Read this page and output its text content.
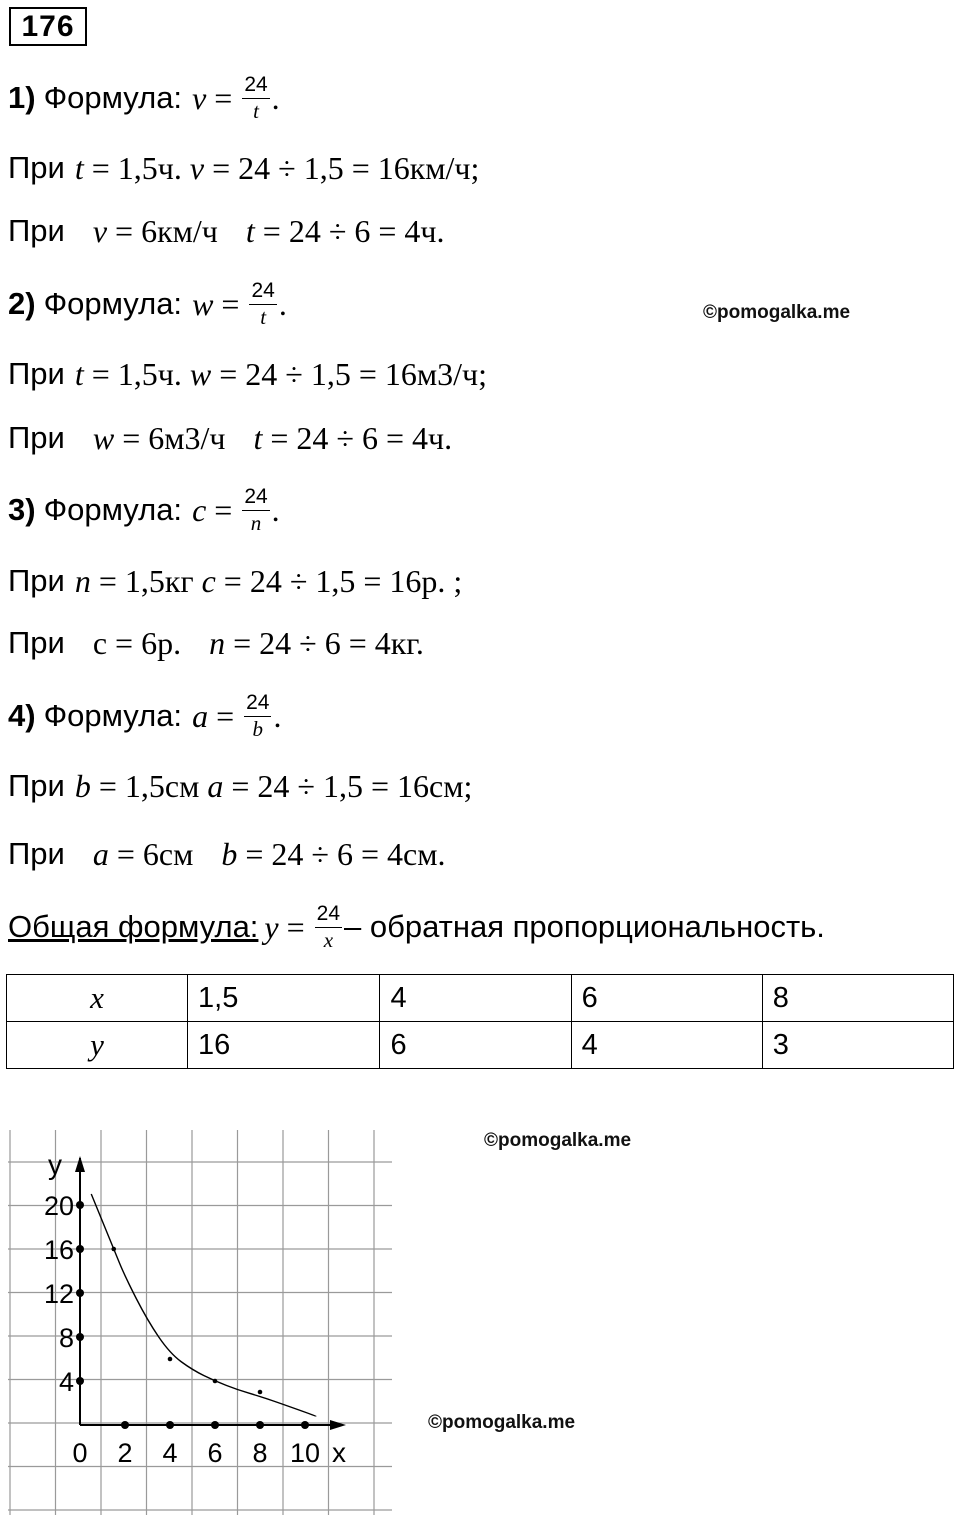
176
1) Формула: $v = \frac{24}{t}$ .
При t
= 1,5ч.
v
= 24 ÷ 1,5 = 16км/ч;
При v
= 6км/ч t
= 24 ÷ 6 = 4ч.
2) Формула: $w = \frac{24}{t}$ .	©pomogalka.me
При t
= 1,5ч.
w
= 24 ÷ 1,5 = 16м 3 /ч;
При w
= 6м 3 /ч t
= 24 ÷ 6 = 4ч.
3) Формула: $c = \frac{24}{n}$ .
При n
= 1,5кг
c
= 24 ÷ 1,5 = 16р. ;
При с
= 6р. n
= 24 ÷ 6 = 4кг.
4) Формула: $a = \frac{24}{b}$ .
При b
= 1,5см
a
= 24 ÷ 1,5 = 16см;
При a
= 6см b
= 24 ÷ 6 = 4см.
Общая формула: $y = \frac{24}{x}$ – обратная пропорциональность.
x	1,5	4	6	8
y	16	6	4	3
©pomogalka.me
©pomogalka.me
y
x
4
8
12
16
20
0 2 4 6 8 10
